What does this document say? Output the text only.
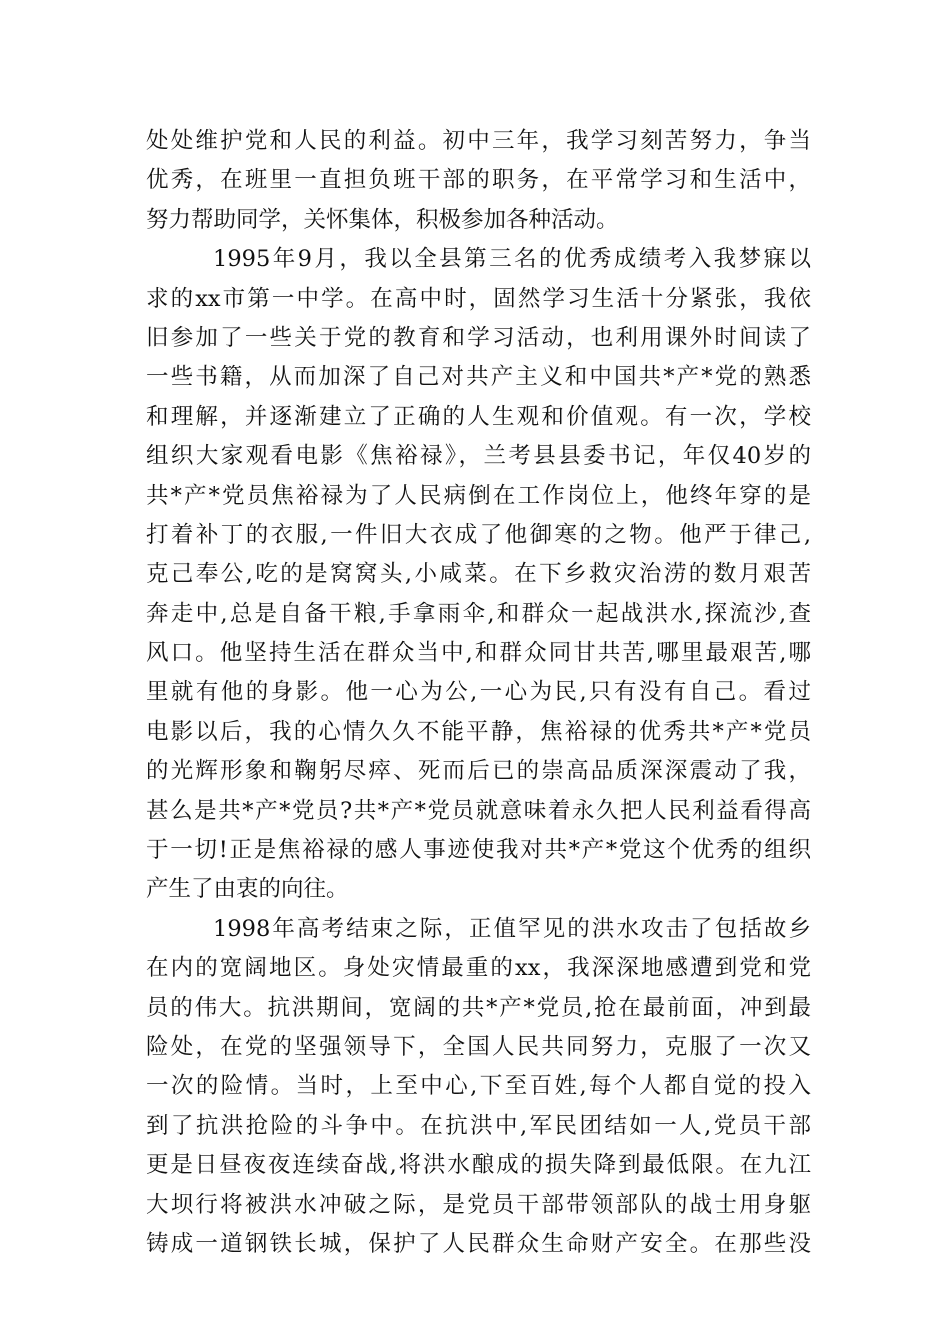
处处维护党和人民的利益。初中三年，我学习刻苦努力，争当
优秀，在班里一直担负班干部的职务，在平常学习和生活中，
努力帮助同学，关怀集体，积极参加各种活动。
1995年9月，我以全县第三名的优秀成绩考入我梦寐以
求的xx市第一中学。在高中时，固然学习生活十分紧张，我依
旧参加了一些关于党的教育和学习活动，也利用课外时间读了
一些书籍，从而加深了自己对共产主义和中国共*产*党的熟悉
和理解，并逐渐建立了正确的人生观和价值观。有一次，学校
组织大家观看电影《焦裕禄》，兰考县县委书记，年仅40岁的
共*产*党员焦裕禄为了人民病倒在工作岗位上，他终年穿的是
打着补丁的衣服,一件旧大衣成了他御寒的之物。他严于律己,
克己奉公,吃的是窝窝头,小咸菜。在下乡救灾治涝的数月艰苦
奔走中,总是自备干粮,手拿雨伞,和群众一起战洪水,探流沙,查
风口。他坚持生活在群众当中,和群众同甘共苦,哪里最艰苦,哪
里就有他的身影。他一心为公,一心为民,只有没有自己。看过
电影以后，我的心情久久不能平静，焦裕禄的优秀共*产*党员
的光辉形象和鞠躬尽瘁、死而后已的崇高品质深深震动了我，
甚么是共*产*党员?共*产*党员就意味着永久把人民利益看得高
于一切!正是焦裕禄的感人事迹使我对共*产*党这个优秀的组织
产生了由衷的向往。
1998年高考结束之际，正值罕见的洪水攻击了包括故乡
在内的宽阔地区。身处灾情最重的xx，我深深地感遭到党和党
员的伟大。抗洪期间，宽阔的共*产*党员,抢在最前面，冲到最
险处，在党的坚强领导下，全国人民共同努力，克服了一次又
一次的险情。当时，上至中心,下至百姓,每个人都自觉的投入
到了抗洪抢险的斗争中。在抗洪中,军民团结如一人,党员干部
更是日昼夜夜连续奋战,将洪水酿成的损失降到最低限。在九江
大坝行将被洪水冲破之际，是党员干部带领部队的战士用身躯
铸成一道钢铁长城，保护了人民群众生命财产安全。在那些没
